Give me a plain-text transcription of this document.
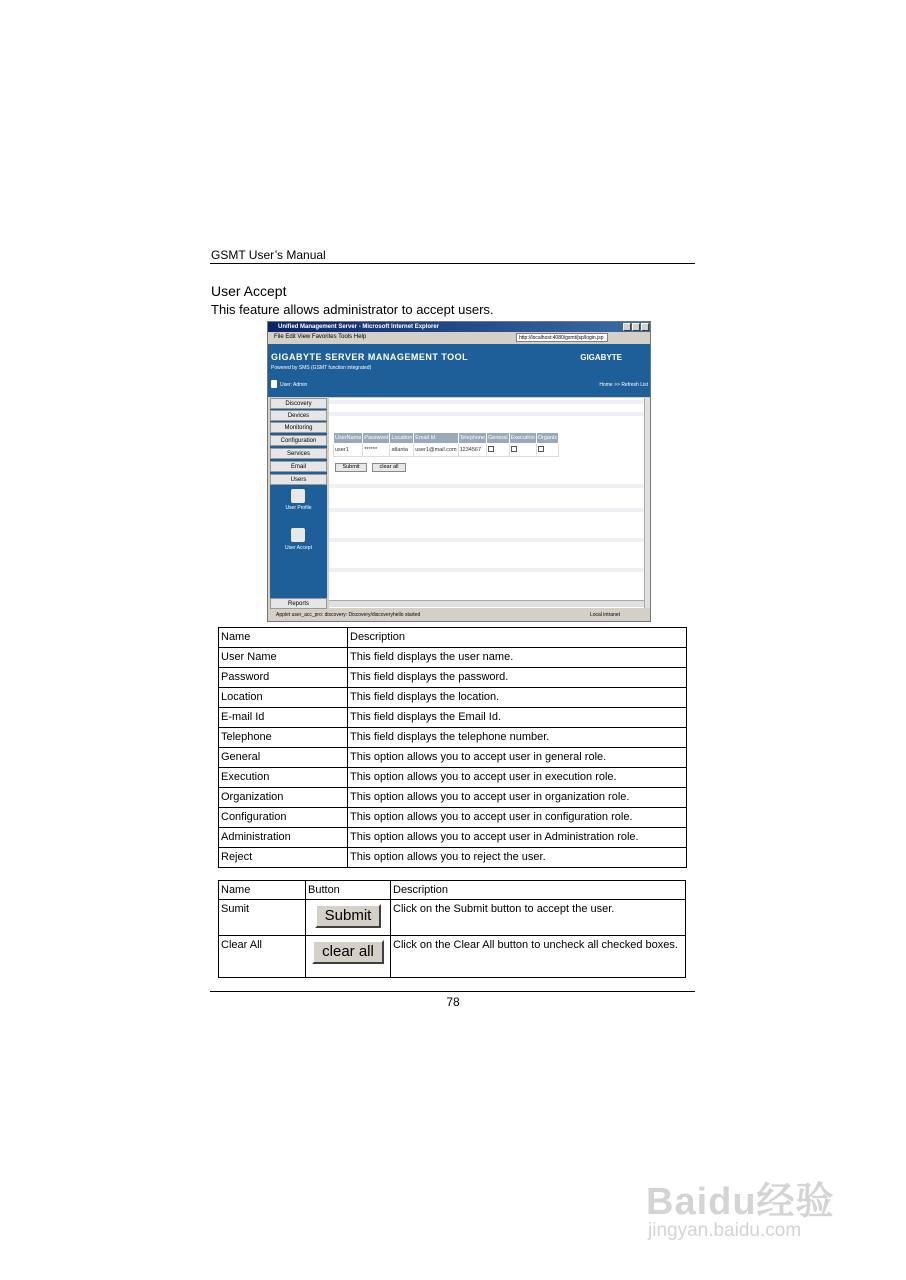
GSMT User’s Manual
User Accept
This feature allows administrator to accept users.
Unified Management Server - Microsoft Internet Explorer
File Edit View Favorites Tools Help	http://localhost:4080/gsmt/jsp/login.jsp
GIGABYTE SERVER MANAGEMENT TOOL
Powered by SMS (GSMT function integrated)
User: Admin
GIGABYTE
Home >> Refresh List
Discovery
Devices
Monitoring
Configuration
Services
Email
Users
User Profile
User Accept
Reports
UserName	Password	Location	Email Id	Telephone	General	Execution	Organiz
user1	******	atlanta	user1@mail.com	1234567			
Submit	clear all
Applet user_acc_pro: discovery: Discovery/discoveryhello started	Local intranet
Name	Description
User Name	This field displays the user name.
Password	This field displays the password.
Location	This field displays the location.
E-mail Id	This field displays the Email Id.
Telephone	This field displays the telephone number.
General	This option allows you to accept user in general role.
Execution	This option allows you to accept user in execution role.
Organization	This option allows you to accept user in organization role.
Configuration	This option allows you to accept user in configuration role.
Administration	This option allows you to accept user in Administration role.
Reject	This option allows you to reject the user.
Name	Button	Description
Sumit	Submit	Click on the Submit button to accept the user.
Clear All	clear all	Click on the Clear All button to uncheck all checked boxes.
78
Baidu经验
jingyan.baidu.com
